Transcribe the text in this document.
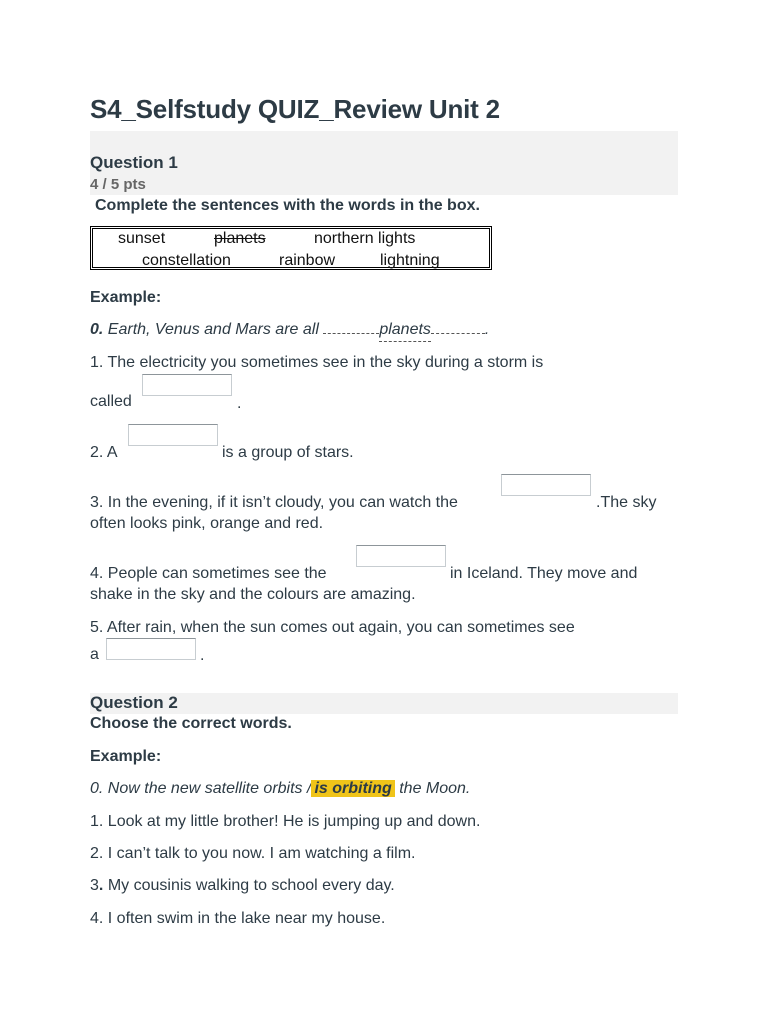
S4_Selfstudy QUIZ_Review Unit 2
Question 1
4 / 5 pts
Complete the sentences with the words in the box.
sunset	planets	northern lights
constellation	rainbow	lightning

Example:

0. Earth, Venus and Mars are all	planets	.

1. The electricity you sometimes see in the sky during a storm is

called	.

2. A	is a group of stars.

3. In the evening, if it isn’t cloudy, you can watch the	.The sky

often looks pink, orange and red.

4. People can sometimes see the	in Iceland. They move and

shake in the sky and the colours are amazing.

5. After rain, when the sun comes out again, you can sometimes see

a	.

Question 2

Choose the correct words.

Example:

0. Now the new satellite orbits / is orbiting the Moon.

1. Look at my little brother! He is jumping up and down.

2. I can’t talk to you now. I am watching a film.

3. My cousinis walking to school every day.

4. I often swim in the lake near my house.
